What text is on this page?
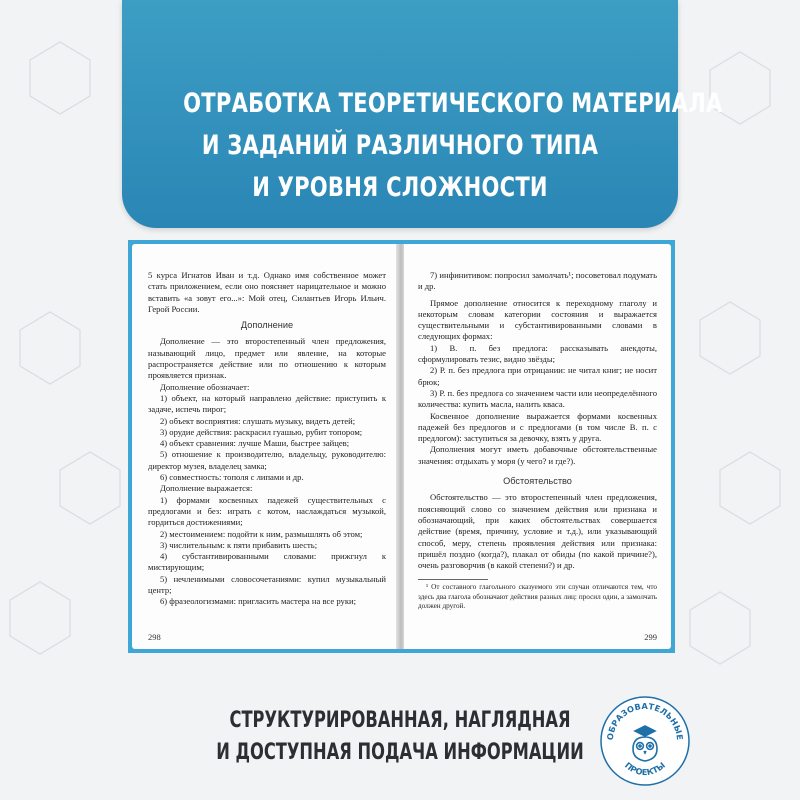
ОТРАБОТКА ТЕОРЕТИЧЕСКОГО МАТЕРИАЛА
И ЗАДАНИЙ РАЗЛИЧНОГО ТИПА
И УРОВНЯ СЛОЖНОСТИ

5 курса Игнатов Иван и т.д. Однако имя собственное может стать приложением, если оно поясняет нарицательное и можно вставить «а зовут его...»: Мой отец, Силантьев Игорь Ильич. Герой России.

Дополнение

Дополнение — это второстепенный член предложения, называющий лицо, предмет или явление, на которые распространяется действие или по отношению к которым проявляется признак.

Дополнение обозначает:

1) объект, на который направлено действие: приступить к задаче, испечь пирог;

2) объект восприятия: слушать музыку, видеть детей;

3) орудие действия: раскрасил гуашью, рубит топором;

4) объект сравнения: лучше Маши, быстрее зайцев;

5) отношение к производителю, владельцу, руководителю: директор музея, владелец замка;

6) совместность: тополя с липами и др.

Дополнение выражается:

1) формами косвенных падежей существительных с предлогами и без: играть с котом, наслаждаться музыкой, гордиться достижениями;

2) местоимением: подойти к ним, размышлять об этом;

3) числительным: к пяти прибавить шесть;

4) субстантивированными словами: прижгнул к мистирующим;

5) нечленимыми словосочетаниями: купил музыкальный центр;

6) фразеологизмами: пригласить мастера на все руки;

298

7) инфинитивом: попросил замолчать¹; посоветовал подумать и др.

Прямое дополнение относится к переходному глаголу и некоторым словам категории состояния и выражается существительными и субстантивированными словами в следующих формах:

1) В. п. без предлога: рассказывать анекдоты, сформулировать тезис, видно звёзды;

2) Р. п. без предлога при отрицании: не читал книг; не носит брюк;

3) Р. п. без предлога со значением части или неопределённого количества: купить масла, налить кваса.

Косвенное дополнение выражается формами косвенных падежей без предлогов и с предлогами (в том числе В. п. с предлогом): заступиться за девочку, взять у друга.

Дополнения могут иметь добавочные обстоятельственные значения: отдыхать у моря (у чего? и где?).

Обстоятельство

Обстоятельство — это второстепенный член предложения, поясняющий слово со значением действия или признака и обозначающий, при каких обстоятельствах совершается действие (время, причину, условие и т.д.), или указывающий способ, меру, степень проявления действия или признака: пришёл поздно (когда?), плакал от обиды (по какой причине?), очень разговорчив (в какой степени?) и др.

¹ От составного глагольного сказуемого эти случаи отличаются тем, что здесь два глагола обозначают действия разных лиц: просил один, а замолчать должен другой.

299
СТРУКТУРИРОВАННАЯ, НАГЛЯДНАЯ
И ДОСТУПНАЯ ПОДАЧА ИНФОРМАЦИИ
ОБРАЗОВАТЕЛЬНЫЕ
ПРОЕКТЫ
